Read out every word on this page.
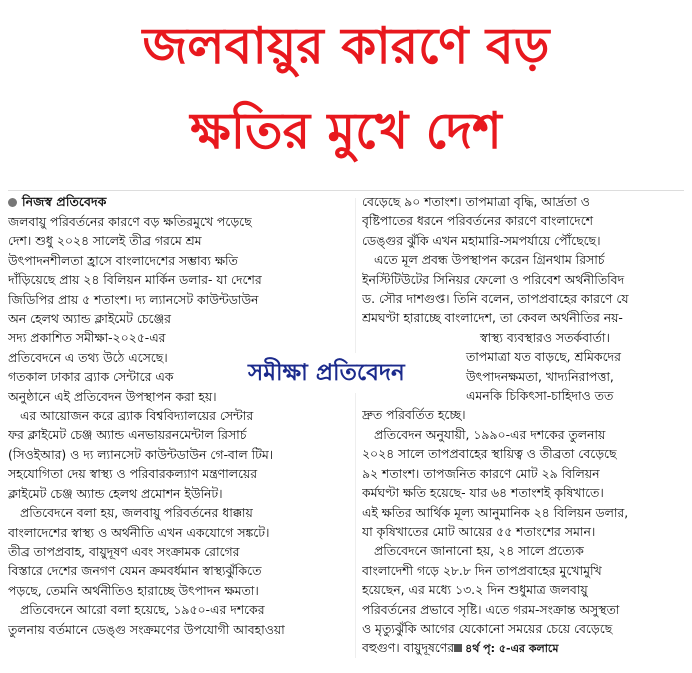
জলবায়ুর কারণে বড়
ক্ষতির মুখে দেশ
নিজস্ব প্রতিবেদক
জলবায়ু পরিবর্তনের কারণে বড় ক্ষতিরমুখে পড়েছে
দেশ। শুধু ২০২৪ সালেই তীব্র গরমে শ্রম
উৎপাদনশীলতা হ্রাসে বাংলাদেশের সম্ভাব্য ক্ষতি
দাঁড়িয়েছে প্রায় ২৪ বিলিয়ন মার্কিন ডলার- যা দেশের
জিডিপির প্রায় ৫ শতাংশ। দ্য ল্যানসেট কাউন্টডাউন
অন হেলথ অ্যান্ড ক্লাইমেট চেঞ্জের
সদ্য প্রকাশিত সমীক্ষা-২০২৫-এর
প্রতিবেদনে এ তথ্য উঠে এসেছে।
গতকাল ঢাকার ব্র্যাক সেন্টারে এক
অনুষ্ঠানে এই প্রতিবেদন উপস্থাপন করা হয়।
এর আয়োজন করে ব্র্যাক বিশ্ববিদ্যালয়ের সেন্টার
ফর ক্লাইমেট চেঞ্জ অ্যান্ড এনভায়রনমেন্টাল রিসার্চ
(সিওইআর) ও দ্য ল্যানসেট কাউন্টডাউন গে-বাল টিম।
সহযোগিতা দেয় স্বাস্থ্য ও পরিবারকল্যাণ মন্ত্রণালয়ের
ক্লাইমেট চেঞ্জ অ্যান্ড হেলথ প্রমোশন ইউনিট।
প্রতিবেদনে বলা হয়, জলবায়ু পরিবর্তনের ধাক্কায়
বাংলাদেশের স্বাস্থ্য ও অর্থনীতি এখন একযোগে সঙ্কটে।
তীব্র তাপপ্রবাহ, বায়ুদূষণ এবং সংক্রামক রোগের
বিস্তারে দেশের জনগণ যেমন ক্রমবর্ধমান স্বাস্থ্যঝুঁকিতে
পড়ছে, তেমনি অর্থনীতিও হারাচ্ছে উৎপাদন ক্ষমতা।
প্রতিবেদনে আরো বলা হয়েছে, ১৯৫০-এর দশকের
তুলনায় বর্তমানে ডেঙ্গু সংক্রমণের উপযোগী আবহাওয়া
বেড়েছে ৯০ শতাংশ। তাপমাত্রা বৃদ্ধি, আর্দ্রতা ও
বৃষ্টিপাতের ধরনে পরিবর্তনের কারণে বাংলাদেশে
ডেঙ্গুর ঝুঁকি এখন মহামারি-সমপর্যায়ে পৌঁছেছে।
এতে মূল প্রবন্ধ উপস্থাপন করেন গ্রিনথাম রিসার্চ
ইনস্টিটিউটের সিনিয়র ফেলো ও পরিবেশ অর্থনীতিবিদ
ড. সৌর দাশগুপ্ত। তিনি বলেন, তাপপ্রবাহের কারণে যে
শ্রমঘণ্টা হারাচ্ছে বাংলাদেশ, তা কেবল অর্থনীতির নয়-
স্বাস্থ্য ব্যবস্থারও সতর্কবার্তা।
তাপমাত্রা যত বাড়ছে, শ্রমিকদের
উৎপাদনক্ষমতা, খাদ্যনিরাপত্তা,
এমনকি চিকিৎসা-চাহিদাও তত
দ্রুত পরিবর্তিত হচ্ছে।
প্রতিবেদন অনুযায়ী, ১৯৯০-এর দশকের তুলনায়
২০২৪ সালে তাপপ্রবাহের স্থায়িত্ব ও তীব্রতা বেড়েছে
৯২ শতাংশ। তাপজনিত কারণে মোট ২৯ বিলিয়ন
কর্মঘণ্টা ক্ষতি হয়েছে- যার ৬৪ শতাংশই কৃষিখাতে।
এই ক্ষতির আর্থিক মূল্য আনুমানিক ২৪ বিলিয়ন ডলার,
যা কৃষিখাতের মোট আয়ের ৫৫ শতাংশের সমান।
প্রতিবেদনে জানানো হয়, ২৪ সালে প্রত্যেক
বাংলাদেশী গড়ে ২৮.৮ দিন তাপপ্রবাহের মুখোমুখি
হয়েছেন, এর মধ্যে ১৩.২ দিন শুধুমাত্র জলবায়ু
পরিবর্তনের প্রভাবে সৃষ্টি। এতে গরম-সংক্রান্ত অসুস্থতা
ও মৃত্যুঝুঁকি আগের যেকোনো সময়ের চেয়ে বেড়েছে
বহুগুণ। বায়ুদূষণের ৪র্থ পৃ: ৫-এর কলামে
সমীক্ষা প্রতিবেদন
